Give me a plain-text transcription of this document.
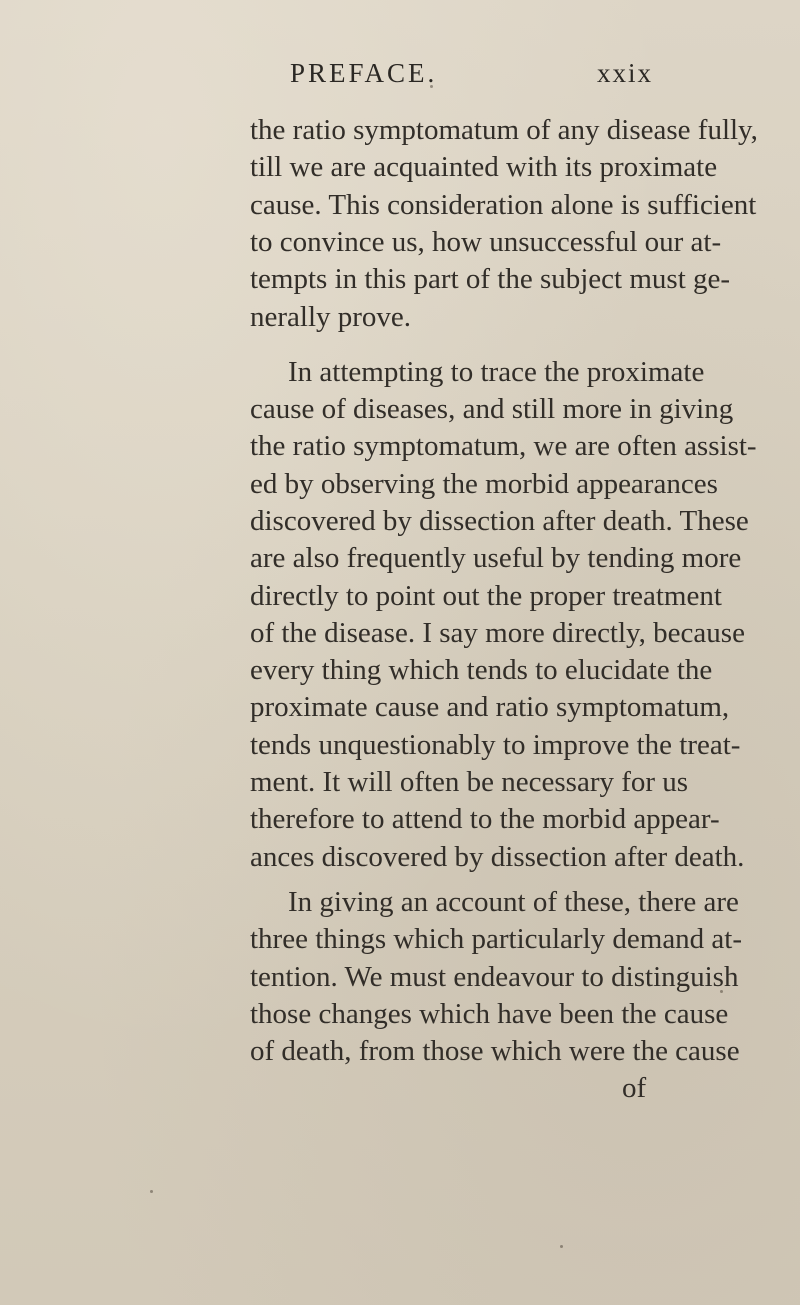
PREFACE.	xxix
the ratio symptomatum of any disease fully,
till we are acquainted with its proximate
cause. This consideration alone is sufficient
to convince us, how unsuccessful our at-
tempts in this part of the subject must ge-
nerally prove.
In attempting to trace the proximate
cause of diseases, and still more in giving
the ratio symptomatum, we are often assist-
ed by observing the morbid appearances
discovered by dissection after death. These
are also frequently useful by tending more
directly to point out the proper treatment
of the disease. I say more directly, because
every thing which tends to elucidate the
proximate cause and ratio symptomatum,
tends unquestionably to improve the treat-
ment. It will often be necessary for us
therefore to attend to the morbid appear-
ances discovered by dissection after death.
In giving an account of these, there are
three things which particularly demand at-
tention. We must endeavour to distinguish
those changes which have been the cause
of death, from those which were the cause
of
